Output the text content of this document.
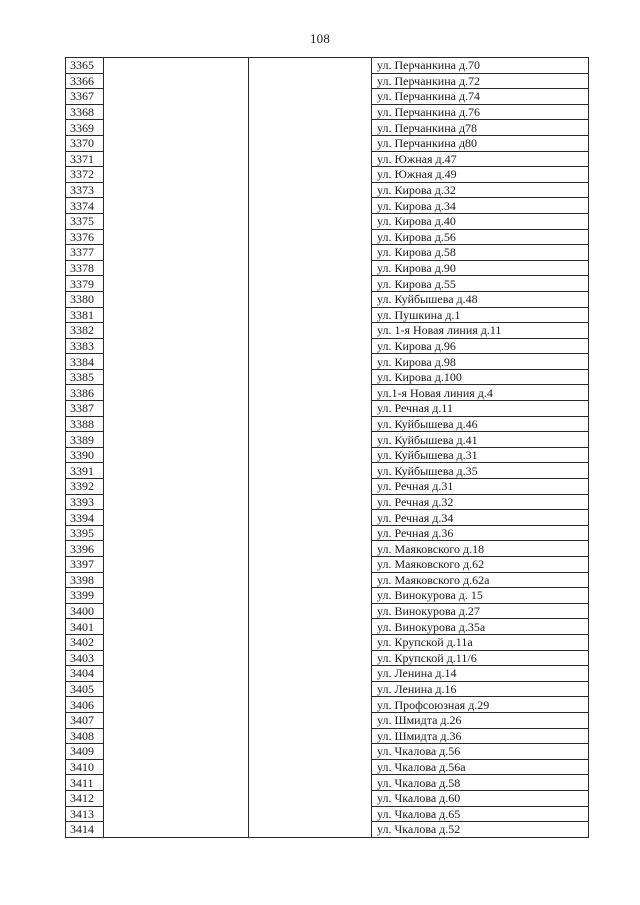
108
3365			ул. Перчанкина д.70
3366			ул. Перчанкина д.72
3367			ул. Перчанкина д.74
3368			ул. Перчанкина д.76
3369			ул. Перчанкина д78
3370			ул. Перчанкина д80
3371			ул. Южная д.47
3372			ул. Южная д.49
3373			ул. Кирова д.32
3374			ул. Кирова д.34
3375			ул. Кирова д.40
3376			ул. Кирова д.56
3377			ул. Кирова д.58
3378			ул. Кирова д.90
3379			ул. Кирова д.55
3380			ул. Куйбышева д.48
3381			ул. Пушкина д.1
3382			ул. 1-я Новая линия д.11
3383			ул. Кирова д.96
3384			ул. Кирова д.98
3385			ул. Кирова д.100
3386			ул.1-я Новая линия д.4
3387			ул. Речная д.11
3388			ул. Куйбышева д.46
3389			ул. Куйбышева д.41
3390			ул. Куйбышева д.31
3391			ул. Куйбышева д.35
3392			ул. Речная д.31
3393			ул. Речная д.32
3394			ул. Речная д.34
3395			ул. Речная д.36
3396			ул. Маяковского д.18
3397			ул. Маяковского д.62
3398			ул. Маяковского д.62а
3399			ул. Винокурова д. 15
3400			ул. Винокурова д.27
3401			ул. Винокурова д.35а
3402			ул. Крупской д.11а
3403			ул. Крупской д.11/6
3404			ул. Ленина д.14
3405			ул. Ленина д.16
3406			ул. Профсоюзная д.29
3407			ул. Шмидта д.26
3408			ул. Шмидта д.36
3409			ул. Чкалова д.56
3410			ул. Чкалова д.56а
3411			ул. Чкалова д.58
3412			ул. Чкалова д.60
3413			ул. Чкалова д.65
3414			ул. Чкалова д.52
